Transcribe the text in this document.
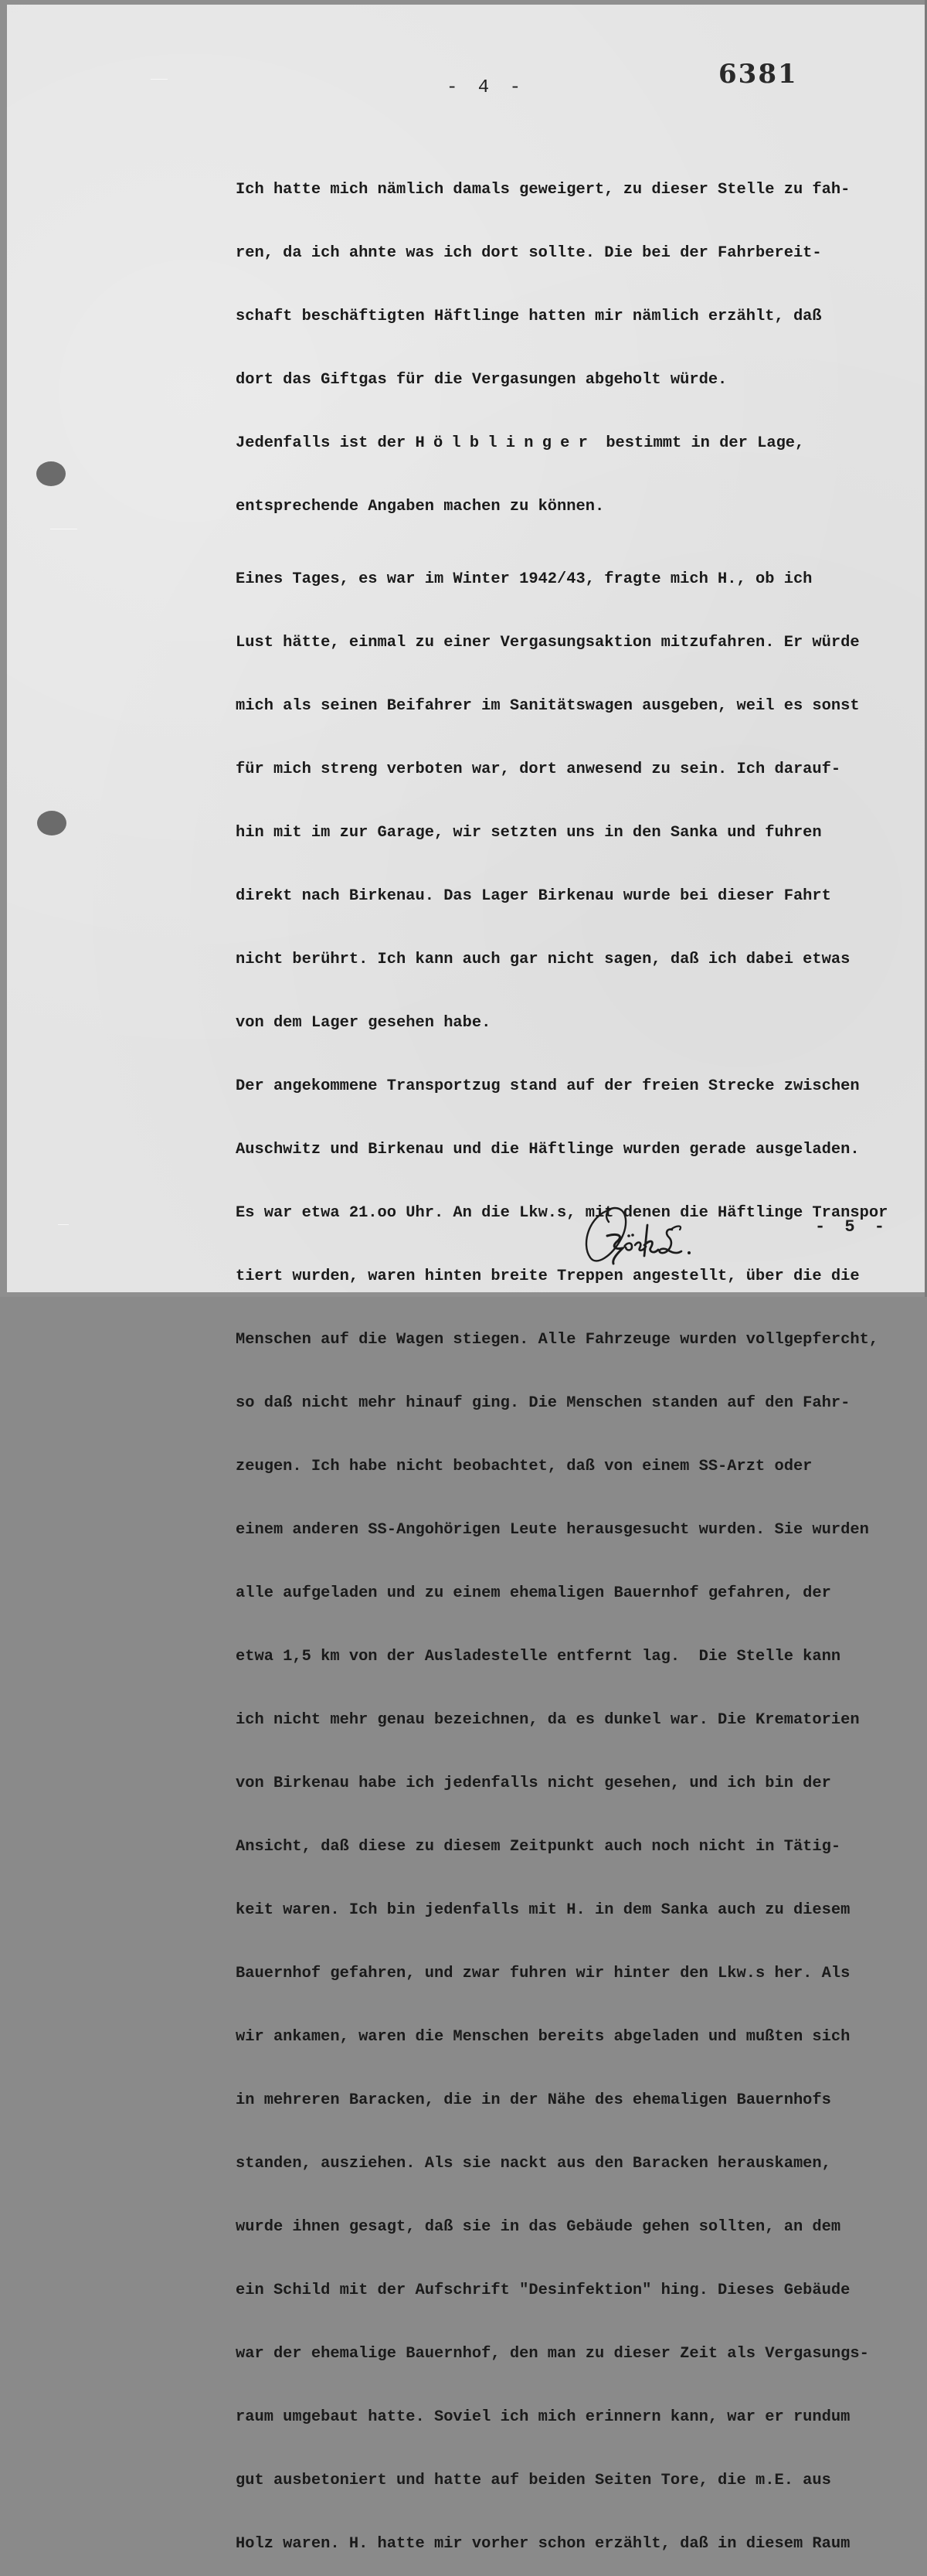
- 4 -	6381

Ich hatte mich nämlich damals geweigert, zu dieser Stelle zu fah-

ren, da ich ahnte was ich dort sollte. Die bei der Fahrbereit-

schaft beschäftigten Häftlinge hatten mir nämlich erzählt, daß

dort das Giftgas für die Vergasungen abgeholt würde.

Jedenfalls ist der Hölblinger bestimmt in der Lage,

entsprechende Angaben machen zu können.

Eines Tages, es war im Winter 1942/43, fragte mich H., ob ich

Lust hätte, einmal zu einer Vergasungsaktion mitzufahren. Er würde

mich als seinen Beifahrer im Sanitätswagen ausgeben, weil es sonst

für mich streng verboten war, dort anwesend zu sein. Ich darauf-

hin mit im zur Garage, wir setzten uns in den Sanka und fuhren

direkt nach Birkenau. Das Lager Birkenau wurde bei dieser Fahrt

nicht berührt. Ich kann auch gar nicht sagen, daß ich dabei etwas

von dem Lager gesehen habe.

Der angekommene Transportzug stand auf der freien Strecke zwischen

Auschwitz und Birkenau und die Häftlinge wurden gerade ausgeladen.

Es war etwa 21.oo Uhr. An die Lkw.s, mit denen die Häftlinge Transpor

tiert wurden, waren hinten breite Treppen angestellt, über die die

Menschen auf die Wagen stiegen. Alle Fahrzeuge wurden vollgepfercht,

so daß nicht mehr hinauf ging. Die Menschen standen auf den Fahr-

zeugen. Ich habe nicht beobachtet, daß von einem SS-Arzt oder

einem anderen SS-Angohörigen Leute herausgesucht wurden. Sie wurden

alle aufgeladen und zu einem ehemaligen Bauernhof gefahren, der

etwa 1,5 km von der Ausladestelle entfernt lag.  Die Stelle kann

ich nicht mehr genau bezeichnen, da es dunkel war. Die Krematorien

von Birkenau habe ich jedenfalls nicht gesehen, und ich bin der

Ansicht, daß diese zu diesem Zeitpunkt auch noch nicht in Tätig-

keit waren. Ich bin jedenfalls mit H. in dem Sanka auch zu diesem

Bauernhof gefahren, und zwar fuhren wir hinter den Lkw.s her. Als

wir ankamen, waren die Menschen bereits abgeladen und mußten sich

in mehreren Baracken, die in der Nähe des ehemaligen Bauernhofs

standen, ausziehen. Als sie nackt aus den Baracken herauskamen,

wurde ihnen gesagt, daß sie in das Gebäude gehen sollten, an dem

ein Schild mit der Aufschrift "Desinfektion" hing. Dieses Gebäude

war der ehemalige Bauernhof, den man zu dieser Zeit als Vergasungs-

raum umgebaut hatte. Soviel ich mich erinnern kann, war er rundum

gut ausbetoniert und hatte auf beiden Seiten Tore, die m.E. aus

Holz waren. H. hatte mir vorher schon erzählt, daß in diesem Raum

- 5 -
